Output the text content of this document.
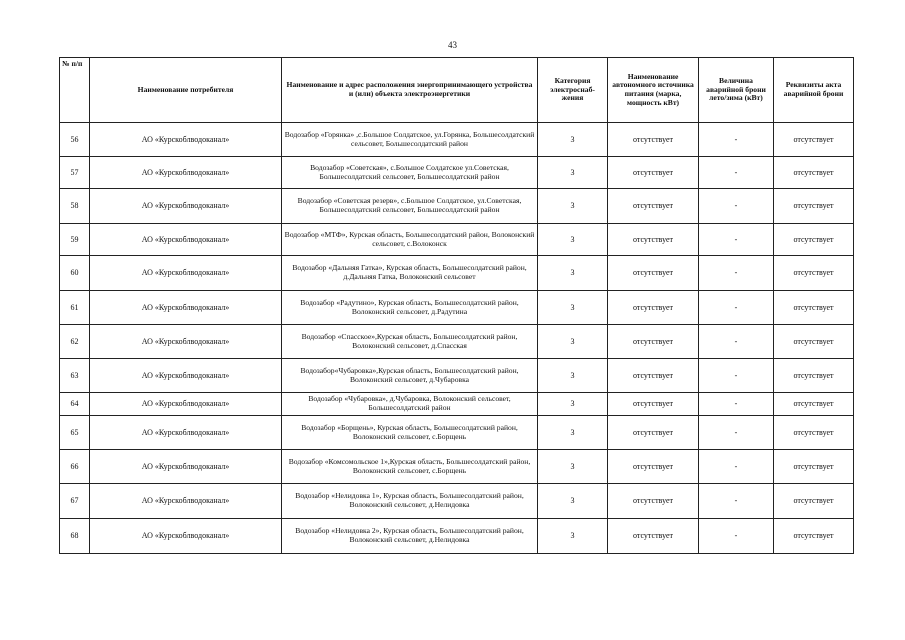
43
№ п/п	Наименование потребителя	Наименование и адрес расположения энергопринимающего устройства и (или) объекта электроэнергетики	Категория электроснаб-жения	Наименование автономного источника питания (марка, мощность кВт)	Величина аварийной брони лето/зима (кВт)	Реквизиты акта аварийной брони
56	АО «Курскоблводоканал»	Водозабор «Горянка» ,с.Большое Солдатское, ул.Горянка, Большесолдатский сельсовет, Большесолдатский район	3	отсутствует	-	отсутствует
57	АО «Курскоблводоканал»	Водозабор «Советская», с.Большое Солдатское ул.Советская, Большесолдатский сельсовет, Большесолдатский район	3	отсутствует	-	отсутствует
58	АО «Курскоблводоканал»	Водозабор «Советская резерв», с.Большое Солдатское, ул.Советская, Большесолдатский сельсовет, Большесолдатский район	3	отсутствует	-	отсутствует
59	АО «Курскоблводоканал»	Водозабор «МТФ», Курская область, Большесолдатский район, Волоконский сельсовет, с.Волоконск	3	отсутствует	-	отсутствует
60	АО «Курскоблводоканал»	Водозабор «Дальняя Гатка», Курская область, Большесолдатский район, д.Дальняя Гатка, Волоконский сельсовет	3	отсутствует	-	отсутствует
61	АО «Курскоблводоканал»	Водозабор «Радутино», Курская область, Большесолдатский район, Волоконский сельсовет, д.Радутина	3	отсутствует	-	отсутствует
62	АО «Курскоблводоканал»	Водозабор «Спасское»,Курская область, Большесолдатский район, Волоконский сельсовет, д.Спасская	3	отсутствует	-	отсутствует
63	АО «Курскоблводоканал»	Водозабор«Чубаровка»,Курская область, Большесолдатский район, Волоконский сельсовет, д.Чубаровка	3	отсутствует	-	отсутствует
64	АО «Курскоблводоканал»	Водозабор «Чубаровка», д.Чубаровка, Волоконский сельсовет, Большесолдатский район	3	отсутствует	-	отсутствует
65	АО «Курскоблводоканал»	Водозабор «Борщень», Курская область, Большесолдатский район, Волоконский сельсовет, с.Борщень	3	отсутствует	-	отсутствует
66	АО «Курскоблводоканал»	Водозабор «Комсомольское 1»,Курская область, Большесолдатский район, Волоконский сельсовет, с.Борщень	3	отсутствует	-	отсутствует
67	АО «Курскоблводоканал»	Водозабор «Нелидовка 1», Курская область, Большесолдатский район, Волоконский сельсовет, д.Нелидовка	3	отсутствует	-	отсутствует
68	АО «Курскоблводоканал»	Водозабор «Нелидовка 2», Курская область, Большесолдатский район, Волоконский сельсовет, д.Нелидовка	3	отсутствует	-	отсутствует
